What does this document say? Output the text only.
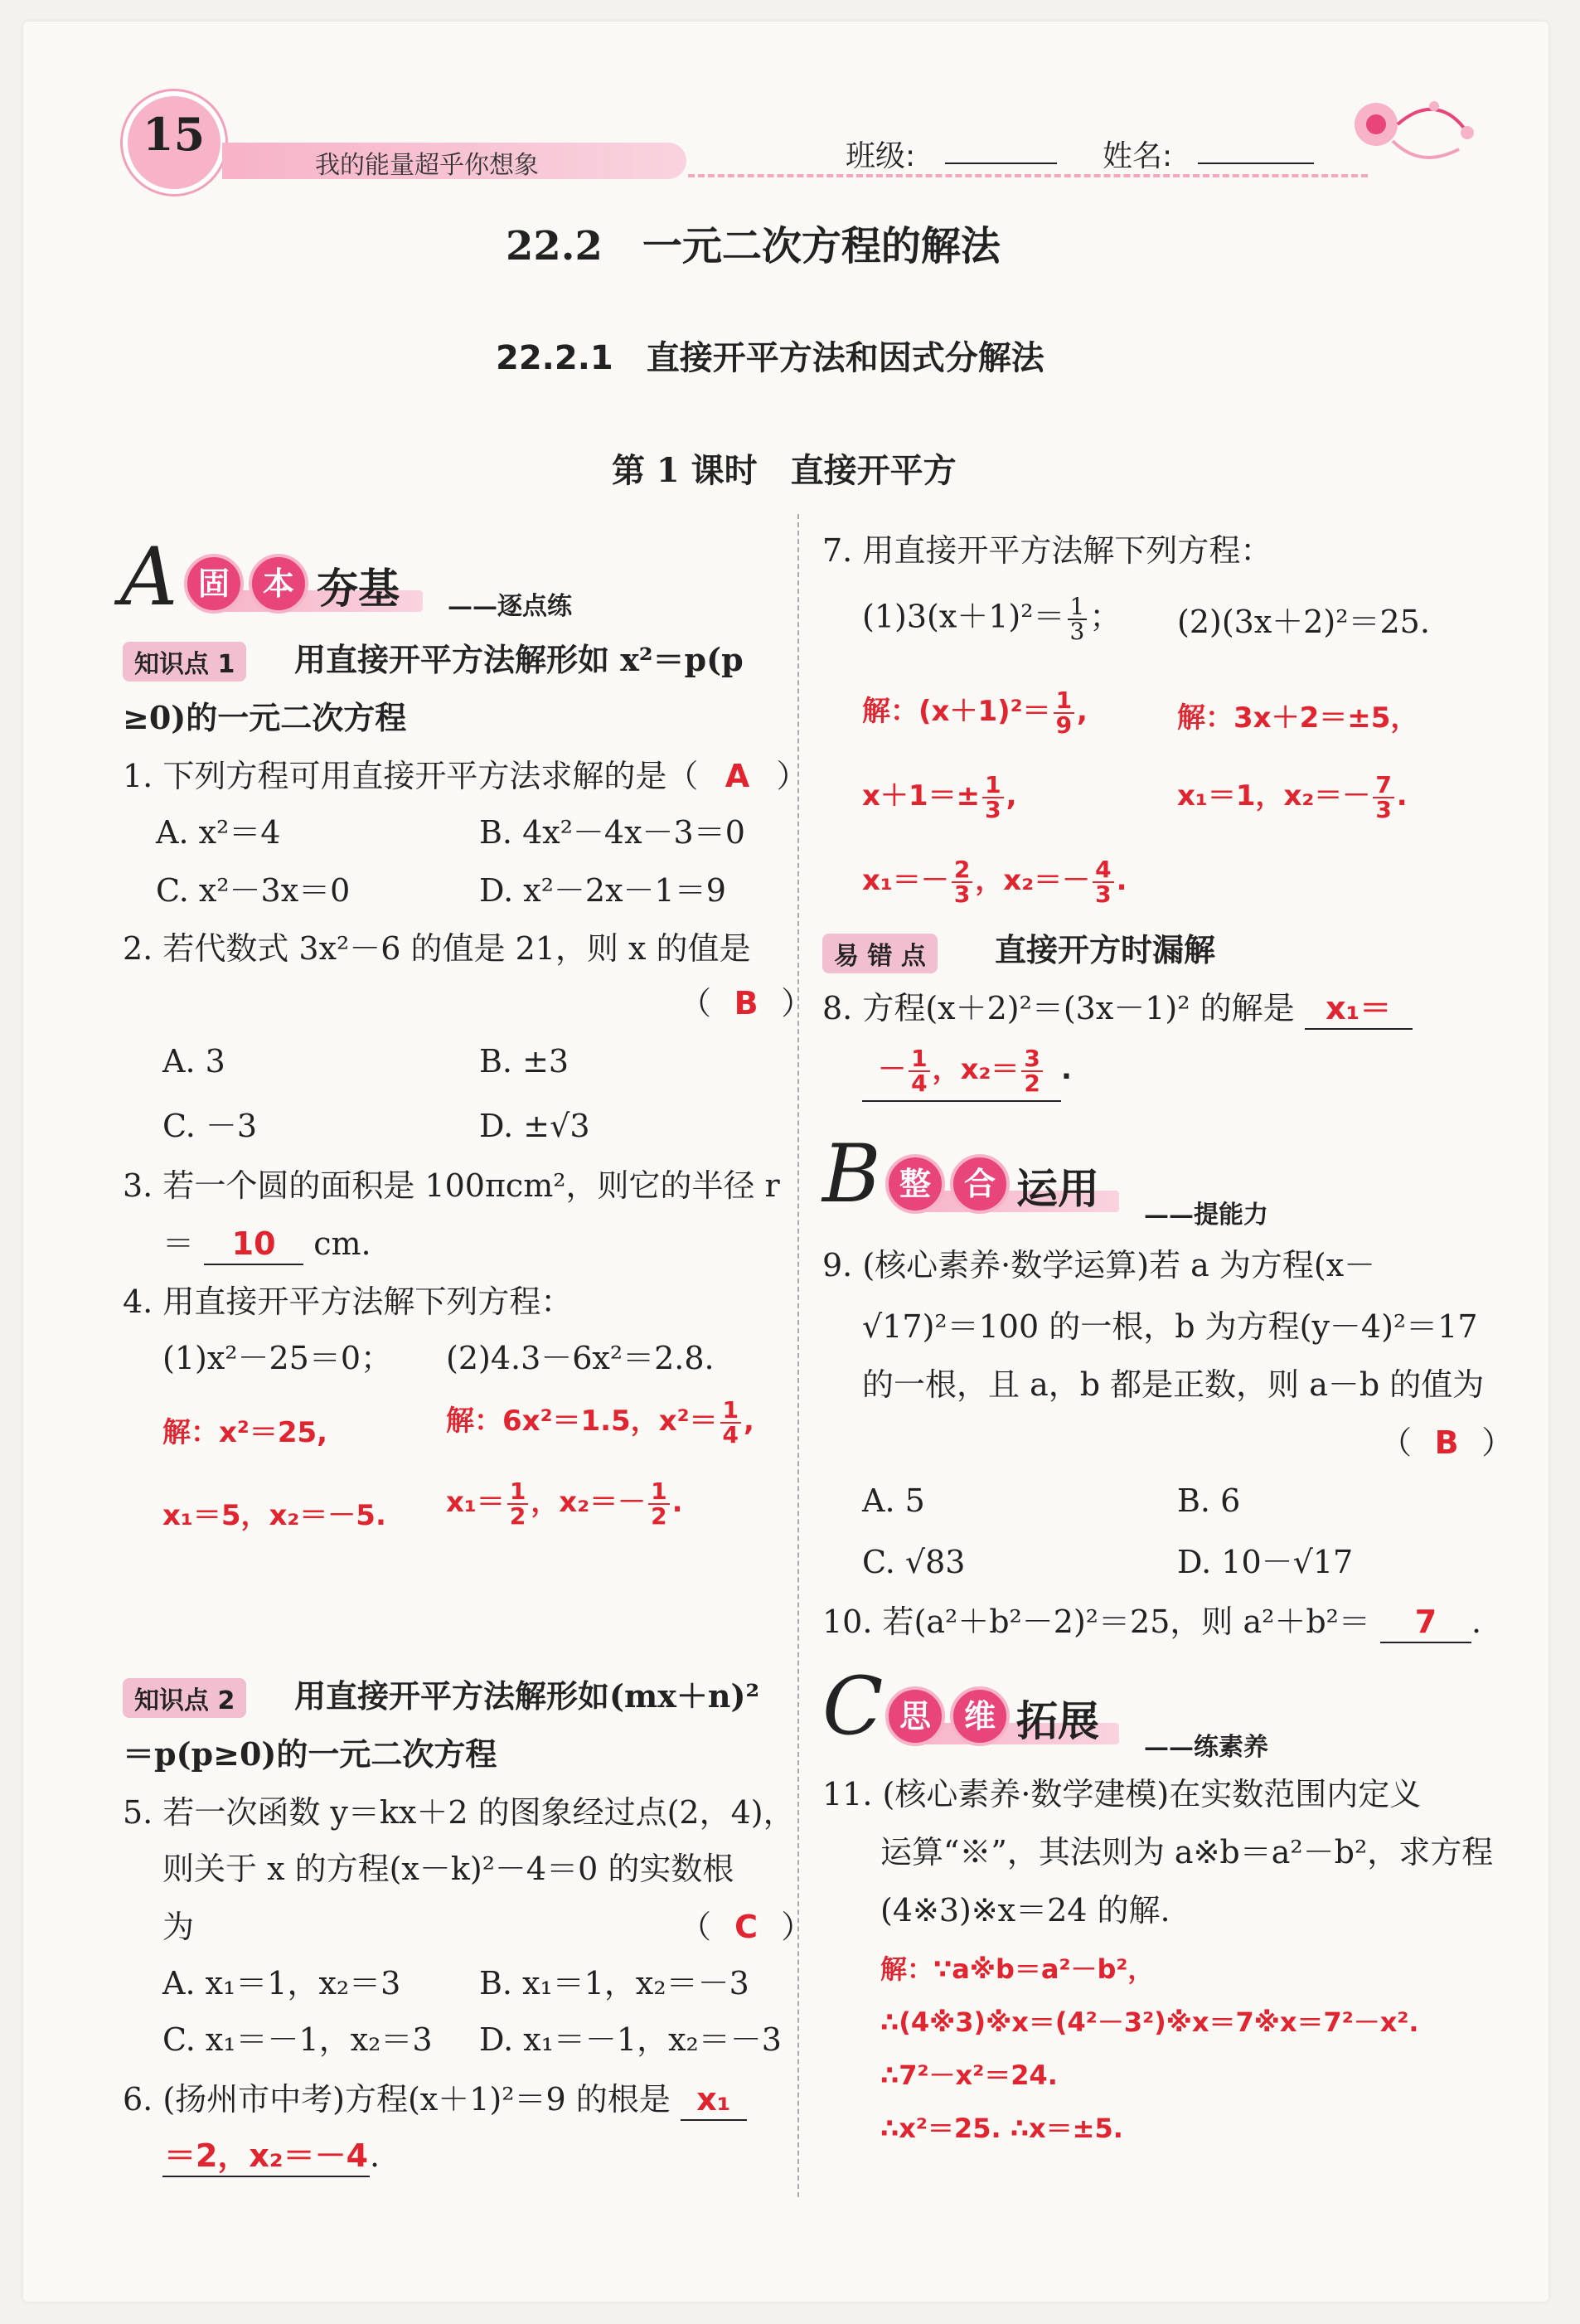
15
我的能量超乎你想象	班级:	姓名:
22.2　一元二次方程的解法
22.2.1　直接开平方法和因式分解法
第 1 课时　直接开平方
A 固	本 夯基 ——逐点练
知识点 1	用直接开平方法解形如 x²＝p(p
≥0)的一元二次方程
1. 下列方程可用直接开平方法求解的是（ A ）
A. x²＝4	B. 4x²－4x－3＝0
C. x²－3x＝0	D. x²－2x－1＝9
2. 若代数式 3x²－6 的值是 21，则 x 的值是
（ B ）
A. 3	B. ±3
C. －3	D. ±√3
3. 若一个圆的面积是 100πcm²，则它的半径 r
＝ 10 cm.
4. 用直接开平方法解下列方程：
(1)x²－25＝0； (2)4.3－6x²＝2.8.
解：x²＝25,
x₁＝5，x₂＝－5.
解：6x²＝1.5，$x^2= \frac{1}{4}$ ,
$x_1= \frac{1}{2}$ ，$x_2=- \frac{1}{2}$ .
知识点 2	用直接开平方法解形如(mx＋n)²
＝p(p≥0)的一元二次方程
5. 若一次函数 y＝kx＋2 的图象经过点(2，4)，
则关于 x 的方程(x－k)²－4＝0 的实数根
为	（ C ）
A. x₁＝1，x₂＝3 B. x₁＝1，x₂＝－3
C. x₁＝－1，x₂＝3 D. x₁＝－1，x₂＝－3
6. (扬州市中考)方程(x＋1)²＝9 的根是 x₁
＝2，x₂＝－4.
7. 用直接开平方法解下列方程：
$(1)3(x+1)^2= \frac{1}{3}$ ； (2)(3x＋2)²＝25.
解：$(x+1)^2= \frac{1}{9}$ ,
$x+1=\pm \frac{1}{3}$ ,
$x_1=- \frac{2}{3}$ ，$x_2=- \frac{4}{3}$ .
解：3x＋2＝±5，
x₁＝1，$x_2=- \frac{7}{3}$ .
易 错 点	直接开方时漏解
8. 方程(x＋2)²＝(3x－1)² 的解是 x₁＝
－ $\frac{1}{4}$ ，$x_2= \frac{3}{2}$ .
B 整	合 运用
——提能力
9. (核心素养·数学运算)若 a 为方程(x－
√17)²＝100 的一根，b 为方程(y－4)²＝17
的一根，且 a，b 都是正数，则 a－b 的值为
（ B ）
A. 5	B. 6
C. √83	D. 10－√17
10. 若(a²＋b²－2)²＝25，则 a²＋b²＝ 7 .
C 思	维 拓展
——练素养
11. (核心素养·数学建模)在实数范围内定义
运算“※”，其法则为 a※b＝a²－b²，求方程
(4※3)※x＝24 的解.
解：∵a※b＝a²－b²，
∴(4※3)※x＝(4²－3²)※x＝7※x＝7²－x².
∴7²－x²＝24.
∴x²＝25. ∴x＝±5.
